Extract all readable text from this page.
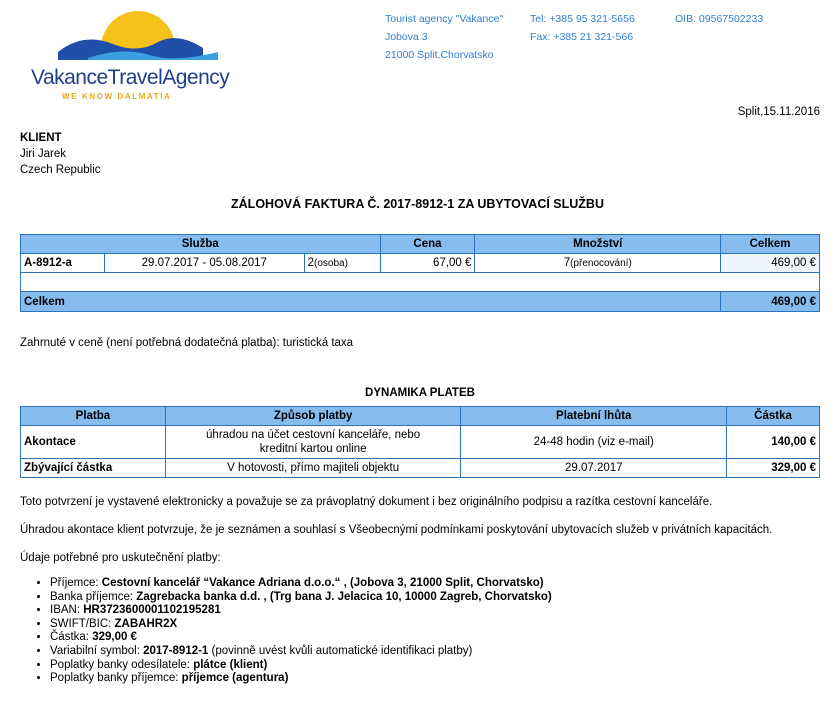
VakanceTravelAgency
WE KNOW DALMATIA
Tourist agency "Vakance"
Jobova 3
21000 Split,Chorvatsko
Tel: +385 95 321-5656
Fax: +385 21 321-566
OIB: 09567502233
Split,15.11.2016
KLIENT
Jiri Jarek
Czech Republic
ZÁLOHOVÁ FAKTURA Č. 2017-8912-1 ZA UBYTOVACÍ SLUŽBU
Služba			Cena	Množství	Celkem
A-8912-a	29.07.2017 - 05.08.2017	2(osoba)	67,00 €	7(přenocování)	469,00 €

Celkem					469,00 €
Zahrnuté v ceně (není potřebná dodatečná platba): turistická taxa
DYNAMIKA PLATEB
Platba	Způsob platby	Platební lhůta	Částka
Akontace	úhradou na účet cestovní kanceláře, nebo kreditní kartou online	24-48 hodin (viz e-mail)	140,00 €
Zbývající částka	V hotovosti, přímo majiteli objektu	29.07.2017	329,00 €
Toto potvrzení je vystavené elektronicky a považuje se za právoplatný dokument i bez originálního podpisu a razítka cestovní kanceláře.
Úhradou akontace klient potvrzuje, že je seznámen a souhlasí s Všeobecnými podmínkami poskytování ubytovacích služeb v privátních kapacitách.
Údaje potřebné pro uskutečnění platby:
• Příjemce: Cestovní kancelář “Vakance Adriana d.o.o.“ , (Jobova 3, 21000 Split, Chorvatsko)
• Banka příjemce: Zagrebacka banka d.d. , (Trg bana J. Jelacica 10, 10000 Zagreb, Chorvatsko)
• IBAN: HR3723600001102195281
• SWIFT/BIC: ZABAHR2X
• Částka: 329,00 €
• Variabilní symbol: 2017-8912-1 (povinně uvést kvůli automatické identifikaci platby)
• Poplatky banky odesílatele: plátce (klient)
• Poplatky banky příjemce: příjemce (agentura)
